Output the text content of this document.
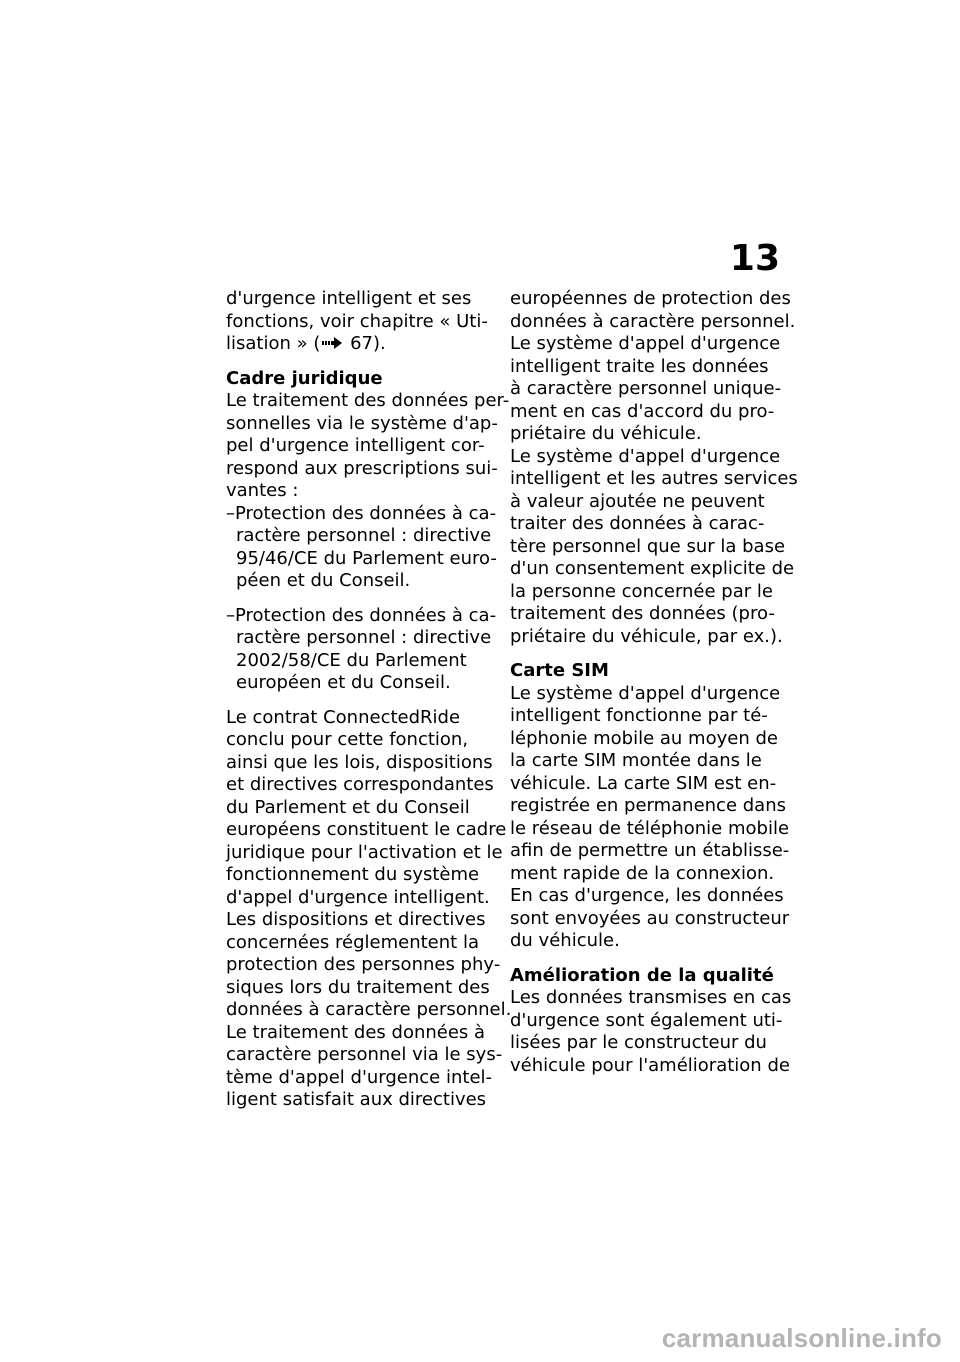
13
d'urgence intelligent et ses
fonctions, voir chapitre « Uti-
lisation » ( 67).
Cadre juridique
Le traitement des données per-
sonnelles via le système d'ap-
pel d'urgence intelligent cor-
respond aux prescriptions sui-
vantes :
–Protection des données à ca-
ractère personnel : directive
95/46/CE du Parlement euro-
péen et du Conseil.
–Protection des données à ca-
ractère personnel : directive
2002/58/CE du Parlement
européen et du Conseil.
Le contrat ConnectedRide
conclu pour cette fonction,
ainsi que les lois, dispositions
et directives correspondantes
du Parlement et du Conseil
européens constituent le cadre
juridique pour l'activation et le
fonctionnement du système
d'appel d'urgence intelligent.
Les dispositions et directives
concernées réglementent la
protection des personnes phy-
siques lors du traitement des
données à caractère personnel.
Le traitement des données à
caractère personnel via le sys-
tème d'appel d'urgence intel-
ligent satisfait aux directives
européennes de protection des
données à caractère personnel.
Le système d'appel d'urgence
intelligent traite les données
à caractère personnel unique-
ment en cas d'accord du pro-
priétaire du véhicule.
Le système d'appel d'urgence
intelligent et les autres services
à valeur ajoutée ne peuvent
traiter des données à carac-
tère personnel que sur la base
d'un consentement explicite de
la personne concernée par le
traitement des données (pro-
priétaire du véhicule, par ex.).
Carte SIM
Le système d'appel d'urgence
intelligent fonctionne par té-
léphonie mobile au moyen de
la carte SIM montée dans le
véhicule. La carte SIM est en-
registrée en permanence dans
le réseau de téléphonie mobile
afin de permettre un établisse-
ment rapide de la connexion.
En cas d'urgence, les données
sont envoyées au constructeur
du véhicule.
Amélioration de la qualité
Les données transmises en cas
d'urgence sont également uti-
lisées par le constructeur du
véhicule pour l'amélioration de
carmanualsonline.info
